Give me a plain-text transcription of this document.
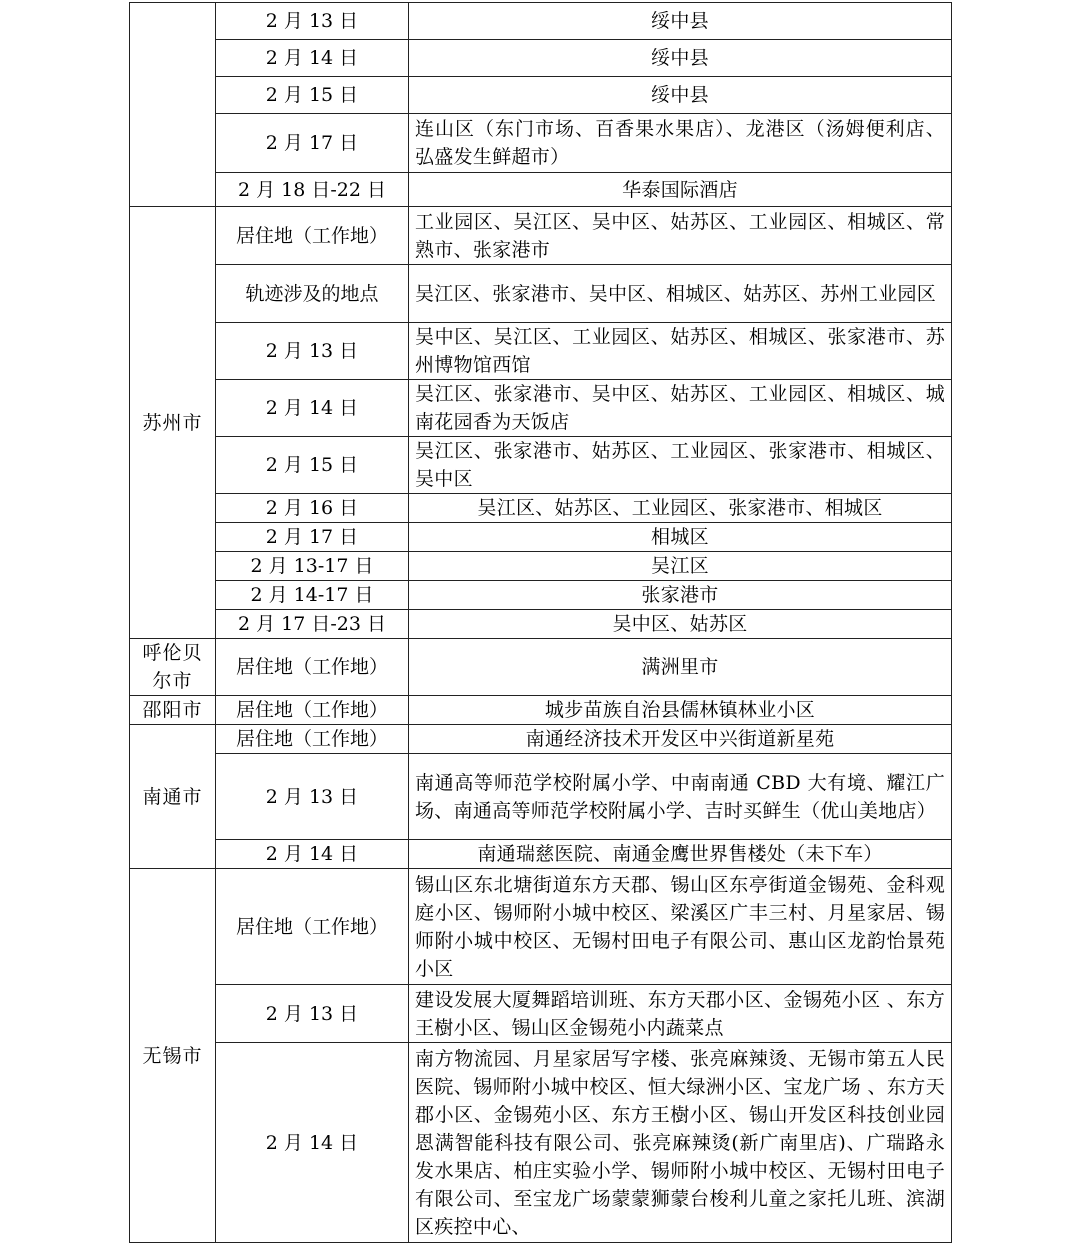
	2 月 13 日	绥中县
	2 月 14 日	绥中县
	2 月 15 日	绥中县
	2 月 17 日	连山区（东门市场、百香果水果店）、龙港区（汤姆便利店、弘盛发生鲜超市）
	2 月 18 日-22 日	华泰国际酒店
苏州市	居住地（工作地）	工业园区、吴江区、吴中区、姑苏区、工业园区、相城区、常熟市、张家港市
	轨迹涉及的地点	吴江区、张家港市、吴中区、相城区、姑苏区、苏州工业园区
	2 月 13 日	吴中区、吴江区、工业园区、姑苏区、相城区、张家港市、苏州博物馆西馆
	2 月 14 日	吴江区、张家港市、吴中区、姑苏区、工业园区、相城区、城南花园香为天饭店
	2 月 15 日	吴江区、张家港市、姑苏区、工业园区、张家港市、相城区、吴中区
	2 月 16 日	吴江区、姑苏区、工业园区、张家港市、相城区
	2 月 17 日	相城区
	2 月 13-17 日	吴江区
	2 月 14-17 日	张家港市
	2 月 17 日-23 日	吴中区、姑苏区
呼伦贝尔市	居住地（工作地）	满洲里市
邵阳市	居住地（工作地）	城步苗族自治县儒林镇林业小区
南通市	居住地（工作地）	南通经济技术开发区中兴街道新星苑
	2 月 13 日	南通高等师范学校附属小学、中南南通 CBD 大有境、耀江广场、南通高等师范学校附属小学、吉时买鲜生（优山美地店）
	2 月 14 日	南通瑞慈医院、南通金鹰世界售楼处（未下车）
无锡市	居住地（工作地）	锡山区东北塘街道东方天郡、锡山区东亭街道金锡苑、金科观庭小区、锡师附小城中校区、梁溪区广丰三村、月星家居、锡师附小城中校区、无锡村田电子有限公司、惠山区龙韵怡景苑小区
	2 月 13 日	建设发展大厦舞蹈培训班、东方天郡小区、金锡苑小区 、东方王樹小区、锡山区金锡苑小内蔬菜点
	2 月 14 日	南方物流园、月星家居写字楼、张亮麻辣烫、无锡市第五人民医院、锡师附小城中校区、恒大绿洲小区、宝龙广场 、东方天郡小区、金锡苑小区、东方王樹小区、锡山开发区科技创业园恩满智能科技有限公司、张亮麻辣烫(新广南里店)、广瑞路永发水果店、柏庄实验小学、锡师附小城中校区、无锡村田电子有限公司、至宝龙广场蒙蒙狮蒙台梭利儿童之家托儿班、滨湖区疾控中心、
